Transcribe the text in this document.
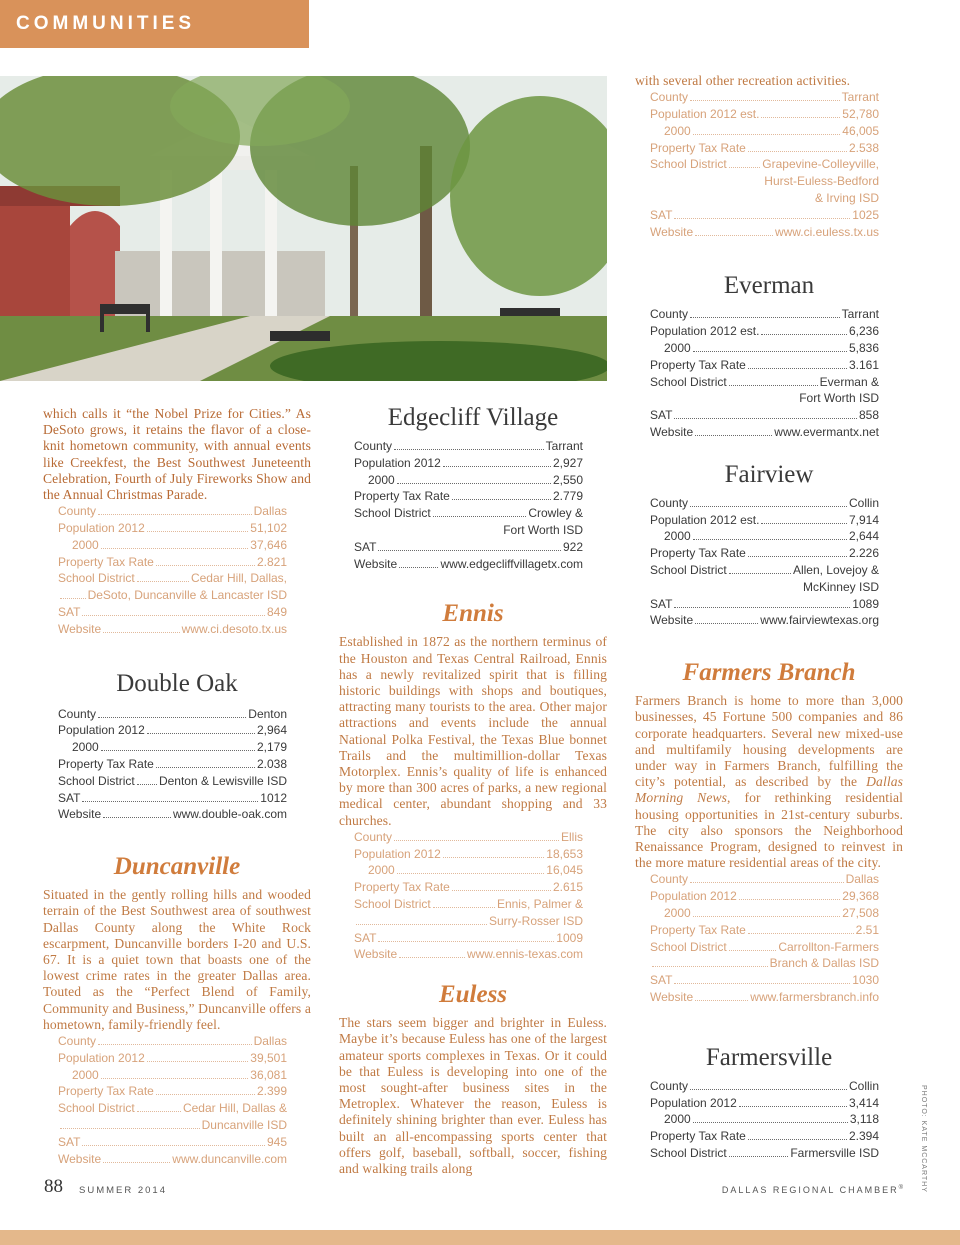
COMMUNITIES

which calls it “the Nobel Prize for Cities.” As DeSoto grows, it retains the flavor of a close-knit hometown community, with annual events like Creekfest, the Best Southwest Juneteenth Celebration, Fourth of July Fireworks Show and the Annual Christmas Parade.

County	Dallas
Population 2012	51,102
2000	37,646
Property Tax Rate	2.821
School District	Cedar Hill, Dallas,
DeSoto, Duncanville & Lancaster ISD
SAT	849
Website	www.ci.desoto.tx.us
Double Oak
County	Denton
Population 2012	2,964
2000	2,179
Property Tax Rate	2.038
School District Denton & Lewisville ISD
SAT	1012
Website	www.double-oak.com
Duncanville

Situated in the gently rolling hills and wooded terrain of the Best Southwest area of southwest Dallas County along the White Rock escarpment, Duncanville borders I-20 and U.S. 67. It is a quiet town that boasts one of the lowest crime rates in the greater Dallas area. Touted as the “Perfect Blend of Family, Community and Business,” Duncanville offers a hometown, family-friendly feel.

County	Dallas
Population 2012	39,501
2000	36,081
Property Tax Rate	2.399
School District	Cedar Hill, Dallas &
Duncanville ISD
SAT	945
Website	www.duncanville.com
Edgecliff Village
County	Tarrant
Population 2012	2,927
2000	2,550
Property Tax Rate	2.779
School District	Crowley &
Fort Worth ISD
SAT	922
Website	www.edgecliffvillagetx.com
Ennis

Established in 1872 as the northern terminus of the Houston and Texas Central Railroad, Ennis has a newly revitalized spirit that is filling historic buildings with shops and boutiques, attracting many tourists to the area. Other major attractions and events include the annual National Polka Festival, the Texas Blue bonnet Trails and the multimillion-dollar Texas Motorplex. Ennis’s quality of life is enhanced by more than 300 acres of parks, a new regional medical center, abundant shopping and 33 churches.

County	Ellis
Population 2012	18,653
2000	16,045
Property Tax Rate	2.615
School District	Ennis, Palmer &
Surry-Rosser ISD
SAT	1009
Website	www.ennis-texas.com
Euless

The stars seem bigger and brighter in Euless. Maybe it’s because Euless has one of the largest amateur sports complexes in Texas. Or it could be that Euless is developing into one of the most sought-after business sites in the Metroplex. Whatever the reason, Euless is definitely shining brighter than ever. Euless has built an all-encompassing sports center that offers golf, baseball, softball, soccer, fishing and walking trails along

with several other recreation activities.

County	Tarrant
Population 2012 est.	52,780
2000	46,005
Property Tax Rate	2.538
School District	Grapevine-Colleyville,
Hurst-Euless-Bedford
& Irving ISD
SAT	1025
Website	www.ci.euless.tx.us
Everman
County	Tarrant
Population 2012 est.	6,236
2000	5,836
Property Tax Rate	3.161
School District	Everman &
Fort Worth ISD
SAT	858
Website	www.evermantx.net
Fairview
County	Collin
Population 2012 est.	7,914
2000	2,644
Property Tax Rate	2.226
School District	Allen, Lovejoy &
McKinney ISD
SAT	1089
Website	www.fairviewtexas.org
Farmers Branch

Farmers Branch is home to more than 3,000 businesses, 45 Fortune 500 companies and 86 corporate headquarters. Several new mixed-use and multifamily housing developments are under way in Farmers Branch, fulfilling the city’s potential, as described by the Dallas Morning News, for rethinking residential housing opportunities in 21st-century suburbs. The city also sponsors the Neighborhood Renaissance Program, designed to reinvest in the more mature residential areas of the city.

County	Dallas
Population 2012	29,368
2000	27,508
Property Tax Rate	2.51
School District	Carrollton-Farmers
Branch & Dallas ISD
SAT	1030
Website	www.farmersbranch.info
Farmersville
County	Collin
Population 2012	3,414
2000	3,118
Property Tax Rate	2.394
School District	Farmersville ISD
88 SUMMER 2014	DALLAS REGIONAL CHAMBER® PHOTO: KATE MCCARTHY
